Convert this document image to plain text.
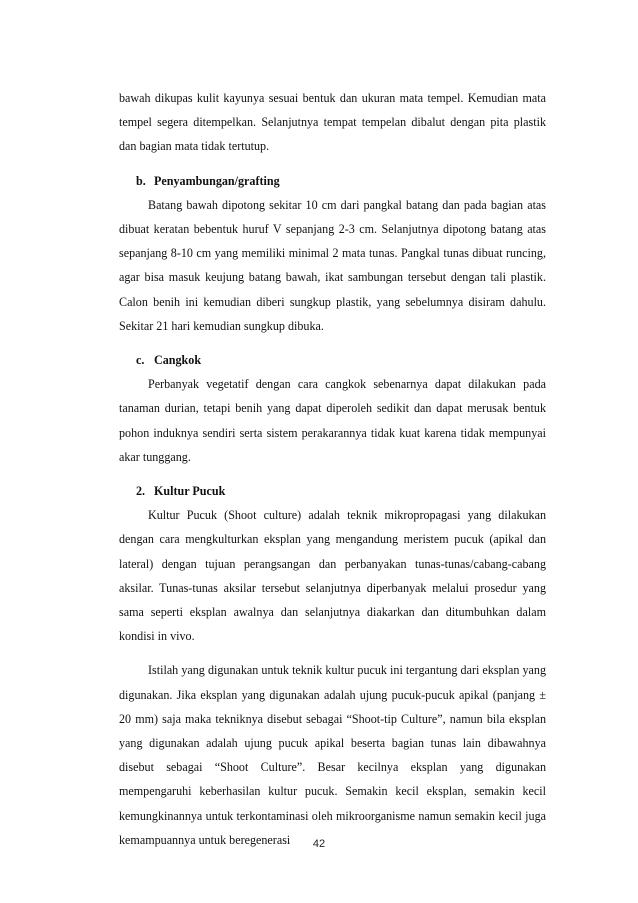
bawah dikupas kulit kayunya sesuai bentuk dan ukuran mata tempel. Kemudian mata tempel segera ditempelkan. Selanjutnya tempat tempelan dibalut dengan pita plastik dan bagian mata tidak tertutup.

b. Penyambungan/grafting

Batang bawah dipotong sekitar 10 cm dari pangkal batang dan pada bagian atas dibuat keratan bebentuk huruf V sepanjang 2-3 cm. Selanjutnya dipotong batang atas sepanjang 8-10 cm yang memiliki minimal 2 mata tunas. Pangkal tunas dibuat runcing, agar bisa masuk keujung batang bawah, ikat sambungan tersebut dengan tali plastik. Calon benih ini kemudian diberi sungkup plastik, yang sebelumnya disiram dahulu. Sekitar 21 hari kemudian sungkup dibuka.

c. Cangkok

Perbanyak vegetatif dengan cara cangkok sebenarnya dapat dilakukan pada tanaman durian, tetapi benih yang dapat diperoleh sedikit dan dapat merusak bentuk pohon induknya sendiri serta sistem perakarannya tidak kuat karena tidak mempunyai akar tunggang.

2. Kultur Pucuk

Kultur Pucuk (Shoot culture) adalah teknik mikropropagasi yang dilakukan dengan cara mengkulturkan eksplan yang mengandung meristem pucuk (apikal dan lateral) dengan tujuan perangsangan dan perbanyakan tunas-tunas/cabang-cabang aksilar. Tunas-tunas aksilar tersebut selanjutnya diperbanyak melalui prosedur yang sama seperti eksplan awalnya dan selanjutnya diakarkan dan ditumbuhkan dalam kondisi in vivo.

Istilah yang digunakan untuk teknik kultur pucuk ini tergantung dari eksplan yang digunakan. Jika eksplan yang digunakan adalah ujung pucuk-pucuk apikal (panjang ± 20 mm) saja maka tekniknya disebut sebagai “Shoot-tip Culture”, namun bila eksplan yang digunakan adalah ujung pucuk apikal beserta bagian tunas lain dibawahnya disebut sebagai “Shoot Culture”. Besar kecilnya eksplan yang digunakan mempengaruhi keberhasilan kultur pucuk. Semakin kecil eksplan, semakin kecil kemungkinannya untuk terkontaminasi oleh mikroorganisme namun semakin kecil juga kemampuannya untuk beregenerasi	42
